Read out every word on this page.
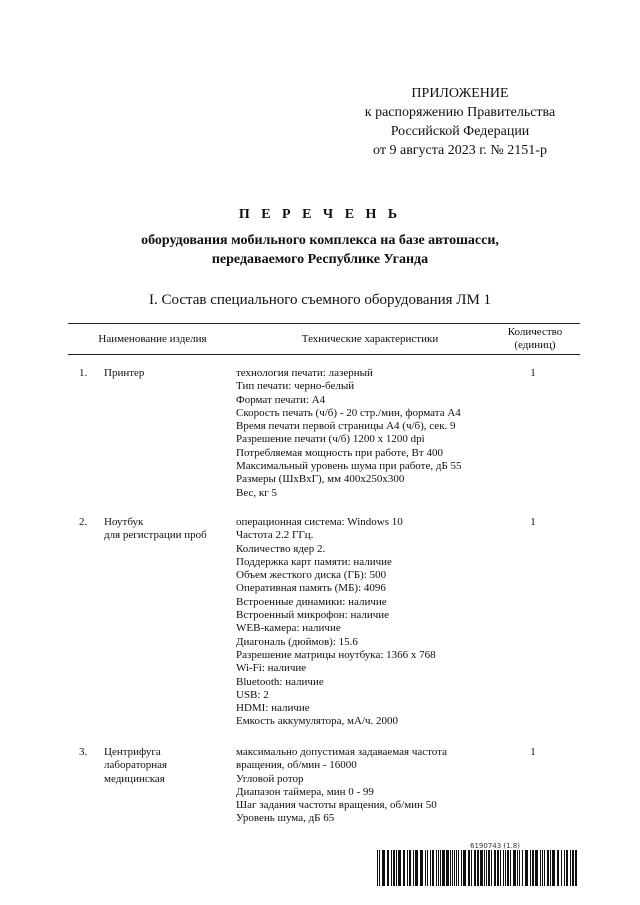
ПРИЛОЖЕНИЕ
к распоряжению Правительства
Российской Федерации
от 9 августа 2023 г. № 2151-р
П Е Р Е Ч Е Н Ь
оборудования мобильного комплекса на базе автошасси,
передаваемого Республике Уганда
I. Состав специального съемного оборудования ЛМ 1
Наименование изделия	Технические характеристики
Количество
(единиц)
1. Принтер	технология печати: лазерный
Тип печати: черно-белый
Формат печати: А4
Скорость печать (ч/б) - 20 стр./мин, формата А4
Время печати первой страницы А4 (ч/б), сек. 9
Разрешение печати (ч/б) 1200 х 1200 dpi
Потребляемая мощность при работе, Вт 400
Максимальный уровень шума при работе, дБ 55
Размеры (ШхВхГ), мм 400х250х300
Вес, кг 5
1
2. Ноутбук
для регистрации проб
операционная система: Windows 10
Частота 2.2 ГГц.
Количество ядер 2.
Поддержка карт памяти: наличие
Объем жесткого диска (ГБ): 500
Оперативная память (МБ): 4096
Встроенные динамики: наличие
Встроенный микрофон: наличие
WEB-камера: наличие
Диагональ (дюймов): 15.6
Разрешение матрицы ноутбука: 1366 x 768
Wi-Fi: наличие
Bluetooth: наличие
USB: 2
HDMI: наличие
Емкость аккумулятора, мА/ч. 2000
1
3. Центрифуга
лабораторная
медицинская
максимально допустимая задаваемая частота
вращения, об/мин - 16000
Угловой ротор
Диапазон таймера, мин 0 - 99
Шаг задания частоты вращения, об/мин 50
Уровень шума, дБ 65
1
6190743 (1.8)
